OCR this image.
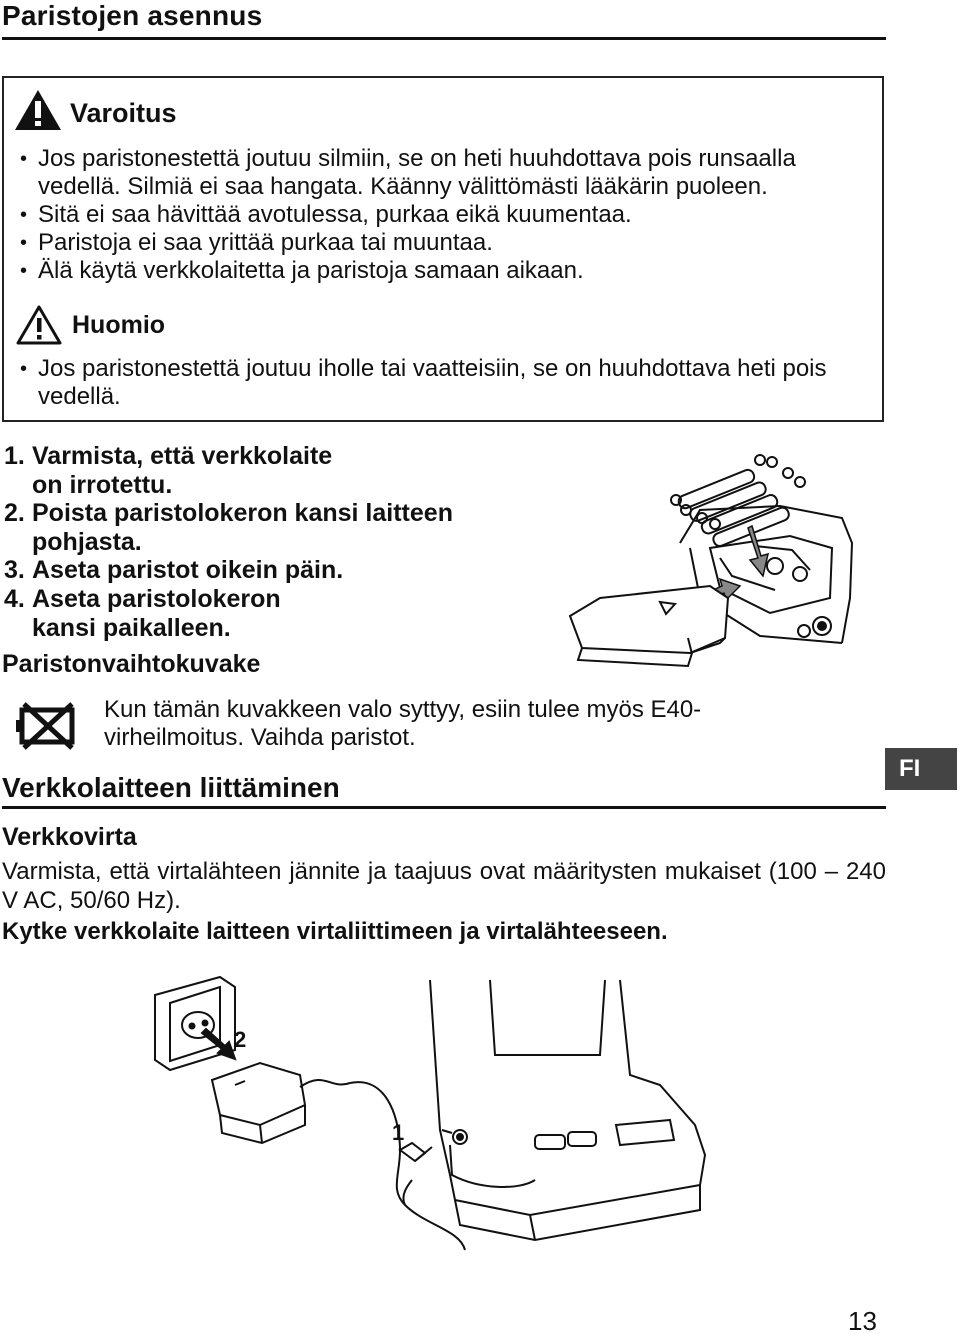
Paristojen asennus
Varoitus
• Jos paristonestettä joutuu silmiin, se on heti huuhdottava pois runsaalla vedellä. Silmiä ei saa hangata. Käänny välittömästi lääkärin puoleen.
• Sitä ei saa hävittää avotulessa, purkaa eikä kuumentaa.
• Paristoja ei saa yrittää purkaa tai muuntaa.
• Älä käytä verkkolaitetta ja paristoja samaan aikaan.
Huomio
• Jos paristonestettä joutuu iholle tai vaatteisiin, se on huuhdottava heti pois vedellä.
1. Varmista, että verkkolaite on irrotettu.
2. Poista paristolokeron kansi laitteen pohjasta.
3. Aseta paristot oikein päin.
4. Aseta paristolokeron kansi paikalleen.
Paristonvaihtokuvake
Kun tämän kuvakkeen valo syttyy, esiin tulee myös E40-virheilmoitus. Vaihda paristot.
Verkkolaitteen liittäminen
FI
Verkkovirta
Varmista, että virtalähteen jännite ja taajuus ovat määritysten mukaiset (100 – 240 V AC, 50/60 Hz).
Kytke verkkolaite laitteen virtaliittimeen ja virtalähteeseen.
2
1
13
